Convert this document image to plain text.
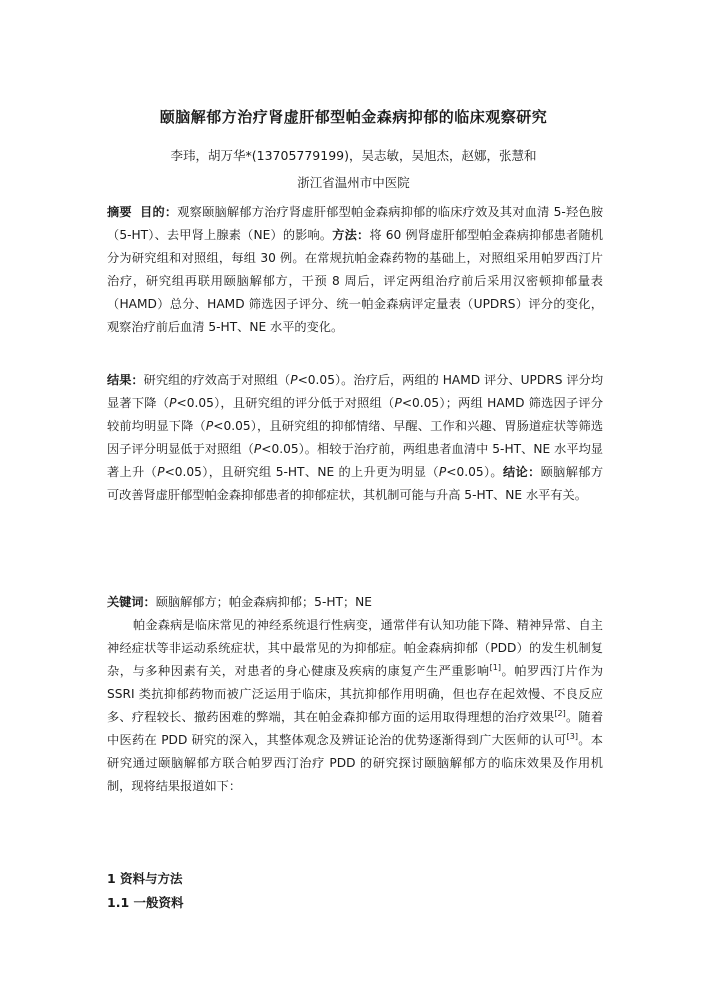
颐脑解郁方治疗肾虚肝郁型帕金森病抑郁的临床观察研究
李玮，胡万华*(13705779199)，吴志敏，吴旭杰，赵娜，张慧和
浙江省温州市中医院
摘要 目的：观察颐脑解郁方治疗肾虚肝郁型帕金森病抑郁的临床疗效及其对血清 5-羟色胺（5-HT）、去甲肾上腺素（NE）的影响。方法：将 60 例肾虚肝郁型帕金森病抑郁患者随机分为研究组和对照组，每组 30 例。在常规抗帕金森药物的基础上，对照组采用帕罗西汀片治疗，研究组再联用颐脑解郁方，干预 8 周后，评定两组治疗前后采用汉密顿抑郁量表（HAMD）总分、HAMD 筛选因子评分、统一帕金森病评定量表（UPDRS）评分的变化，观察治疗前后血清 5-HT、NE 水平的变化。
结果：研究组的疗效高于对照组（P<0.05）。治疗后，两组的 HAMD 评分、UPDRS 评分均显著下降（P<0.05），且研究组的评分低于对照组（P<0.05）；两组 HAMD 筛选因子评分较前均明显下降（P<0.05），且研究组的抑郁情绪、早醒、工作和兴趣、胃肠道症状等筛选因子评分明显低于对照组（P<0.05）。相较于治疗前，两组患者血清中 5-HT、NE 水平均显著上升（P<0.05），且研究组 5-HT、NE 的上升更为明显（P<0.05）。结论：颐脑解郁方可改善肾虚肝郁型帕金森抑郁患者的抑郁症状，其机制可能与升高 5-HT、NE 水平有关。
关键词：颐脑解郁方；帕金森病抑郁；5-HT；NE
帕金森病是临床常见的神经系统退行性病变，通常伴有认知功能下降、精神异常、自主神经症状等非运动系统症状，其中最常见的为抑郁症。帕金森病抑郁（PDD）的发生机制复杂，与多种因素有关，对患者的身心健康及疾病的康复产生严重影响[1]。帕罗西汀片作为 SSRI 类抗抑郁药物而被广泛运用于临床，其抗抑郁作用明确，但也存在起效慢、不良反应多、疗程较长、撤药困难的弊端，其在帕金森抑郁方面的运用取得理想的治疗效果[2]。随着中医药在 PDD 研究的深入，其整体观念及辨证论治的优势逐渐得到广大医师的认可[3]。本研究通过颐脑解郁方联合帕罗西汀治疗 PDD 的研究探讨颐脑解郁方的临床效果及作用机制，现将结果报道如下：
1 资料与方法
1.1 一般资料
